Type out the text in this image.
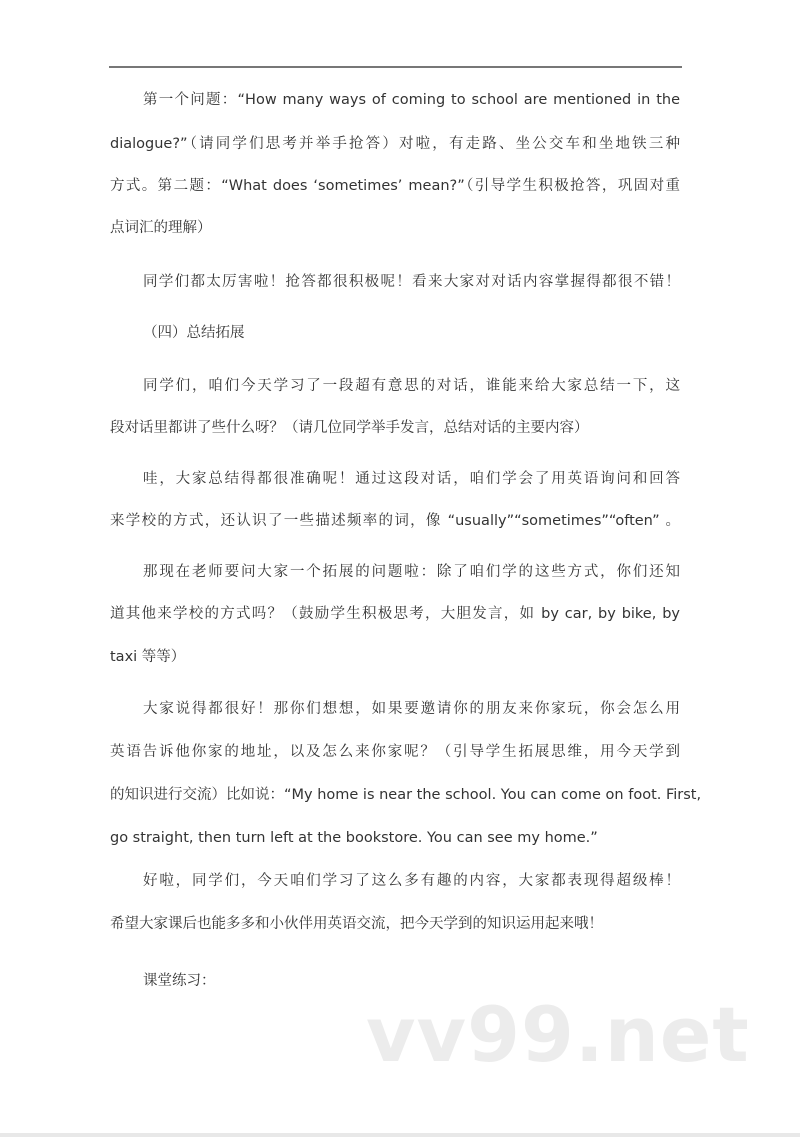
第一个问题：“How many ways of coming to school are mentioned in the
dialogue?”（请同学们思考并举手抢答）对啦，有走路、坐公交车和坐地铁三种
方式。第二题：“What does ‘sometimes’ mean?”（引导学生积极抢答，巩固对重
点词汇的理解）
同学们都太厉害啦！抢答都很积极呢！看来大家对对话内容掌握得都很不错！
（四）总结拓展
同学们，咱们今天学习了一段超有意思的对话，谁能来给大家总结一下，这
段对话里都讲了些什么呀？（请几位同学举手发言，总结对话的主要内容）
哇，大家总结得都很准确呢！通过这段对话，咱们学会了用英语询问和回答
来学校的方式，还认识了一些描述频率的词，像 “usually”“sometimes”“often” 。
那现在老师要问大家一个拓展的问题啦：除了咱们学的这些方式，你们还知
道其他来学校的方式吗？（鼓励学生积极思考，大胆发言，如 by car, by bike, by
taxi 等等）
大家说得都很好！那你们想想，如果要邀请你的朋友来你家玩，你会怎么用
英语告诉他你家的地址，以及怎么来你家呢？（引导学生拓展思维，用今天学到
的知识进行交流）比如说：“My home is near the school. You can come on foot. First,
go straight, then turn left at the bookstore. You can see my home.”
好啦，同学们，今天咱们学习了这么多有趣的内容，大家都表现得超级棒！
希望大家课后也能多多和小伙伴用英语交流，把今天学到的知识运用起来哦！
课堂练习：
vv99.net
